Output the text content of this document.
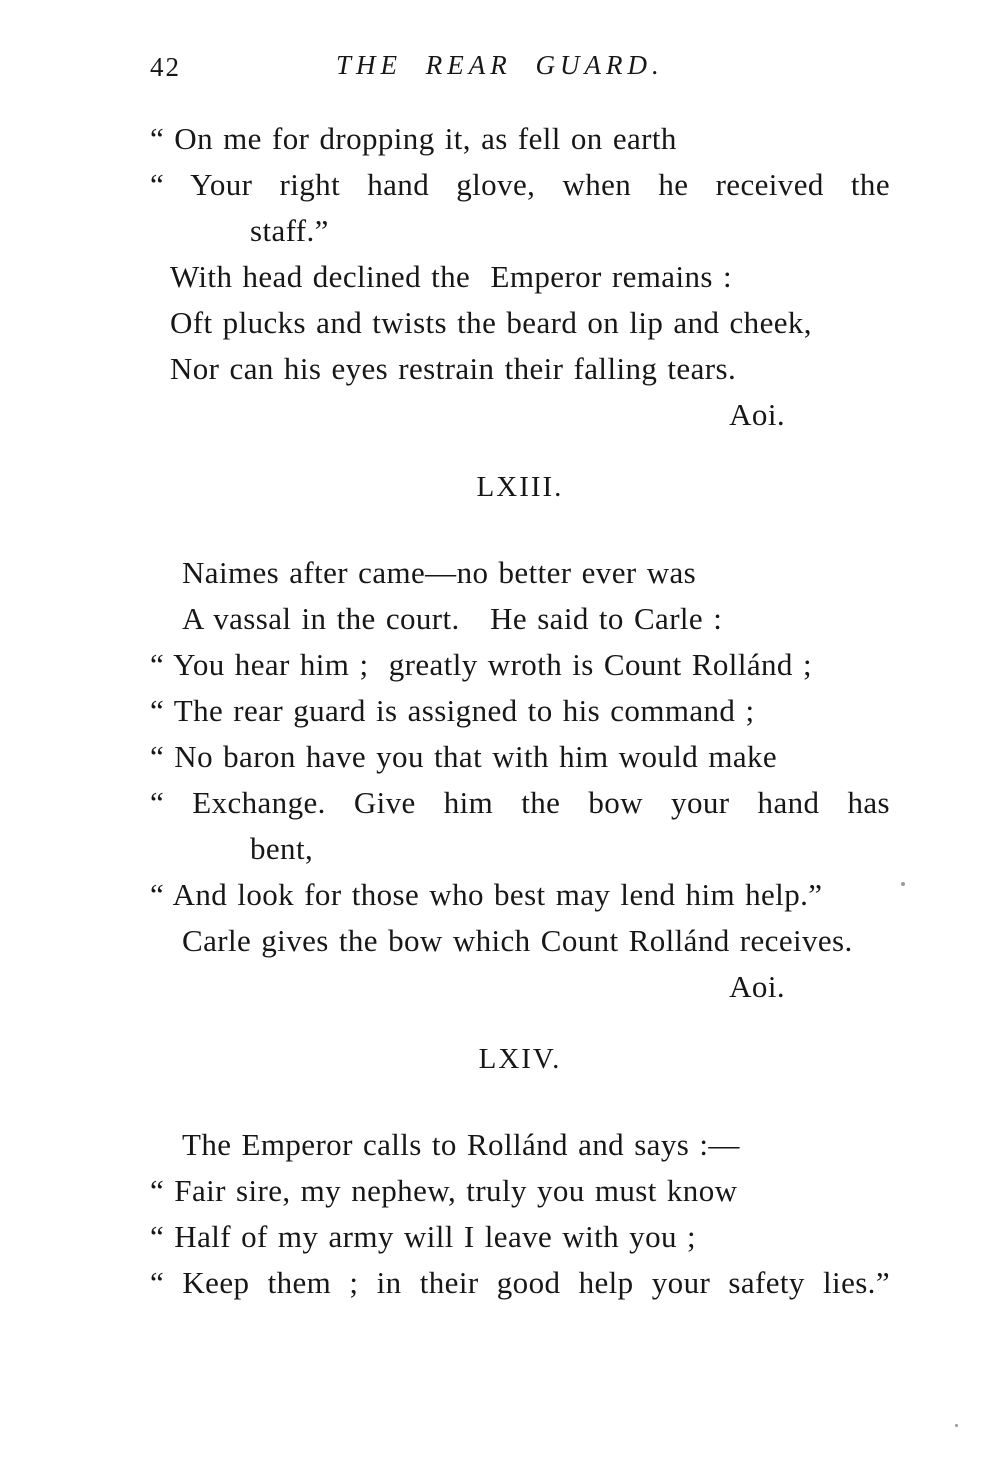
42	THE REAR GUARD.
“ On me for dropping it, as fell on earth
“ Your right hand glove, when he received the
staff.”
With head declined the  Emperor remains :
Oft plucks and twists the beard on lip and cheek,
Nor can his eyes restrain their falling tears.
Aoi.
LXIII.
Naimes after came—no better ever was
A vassal in the court.   He said to Carle :
“ You hear him ;  greatly wroth is Count Rollánd ;
“ The rear guard is assigned to his command ;
“ No baron have you that with him would make
“ Exchange. Give him the bow your hand has
bent,
“ And look for those who best may lend him help.”
Carle gives the bow which Count Rollánd receives.
Aoi.
LXIV.
The Emperor calls to Rollánd and says :—
“ Fair sire, my nephew, truly you must know
“ Half of my army will I leave with you ;
“ Keep them ; in their good help your safety lies.”
